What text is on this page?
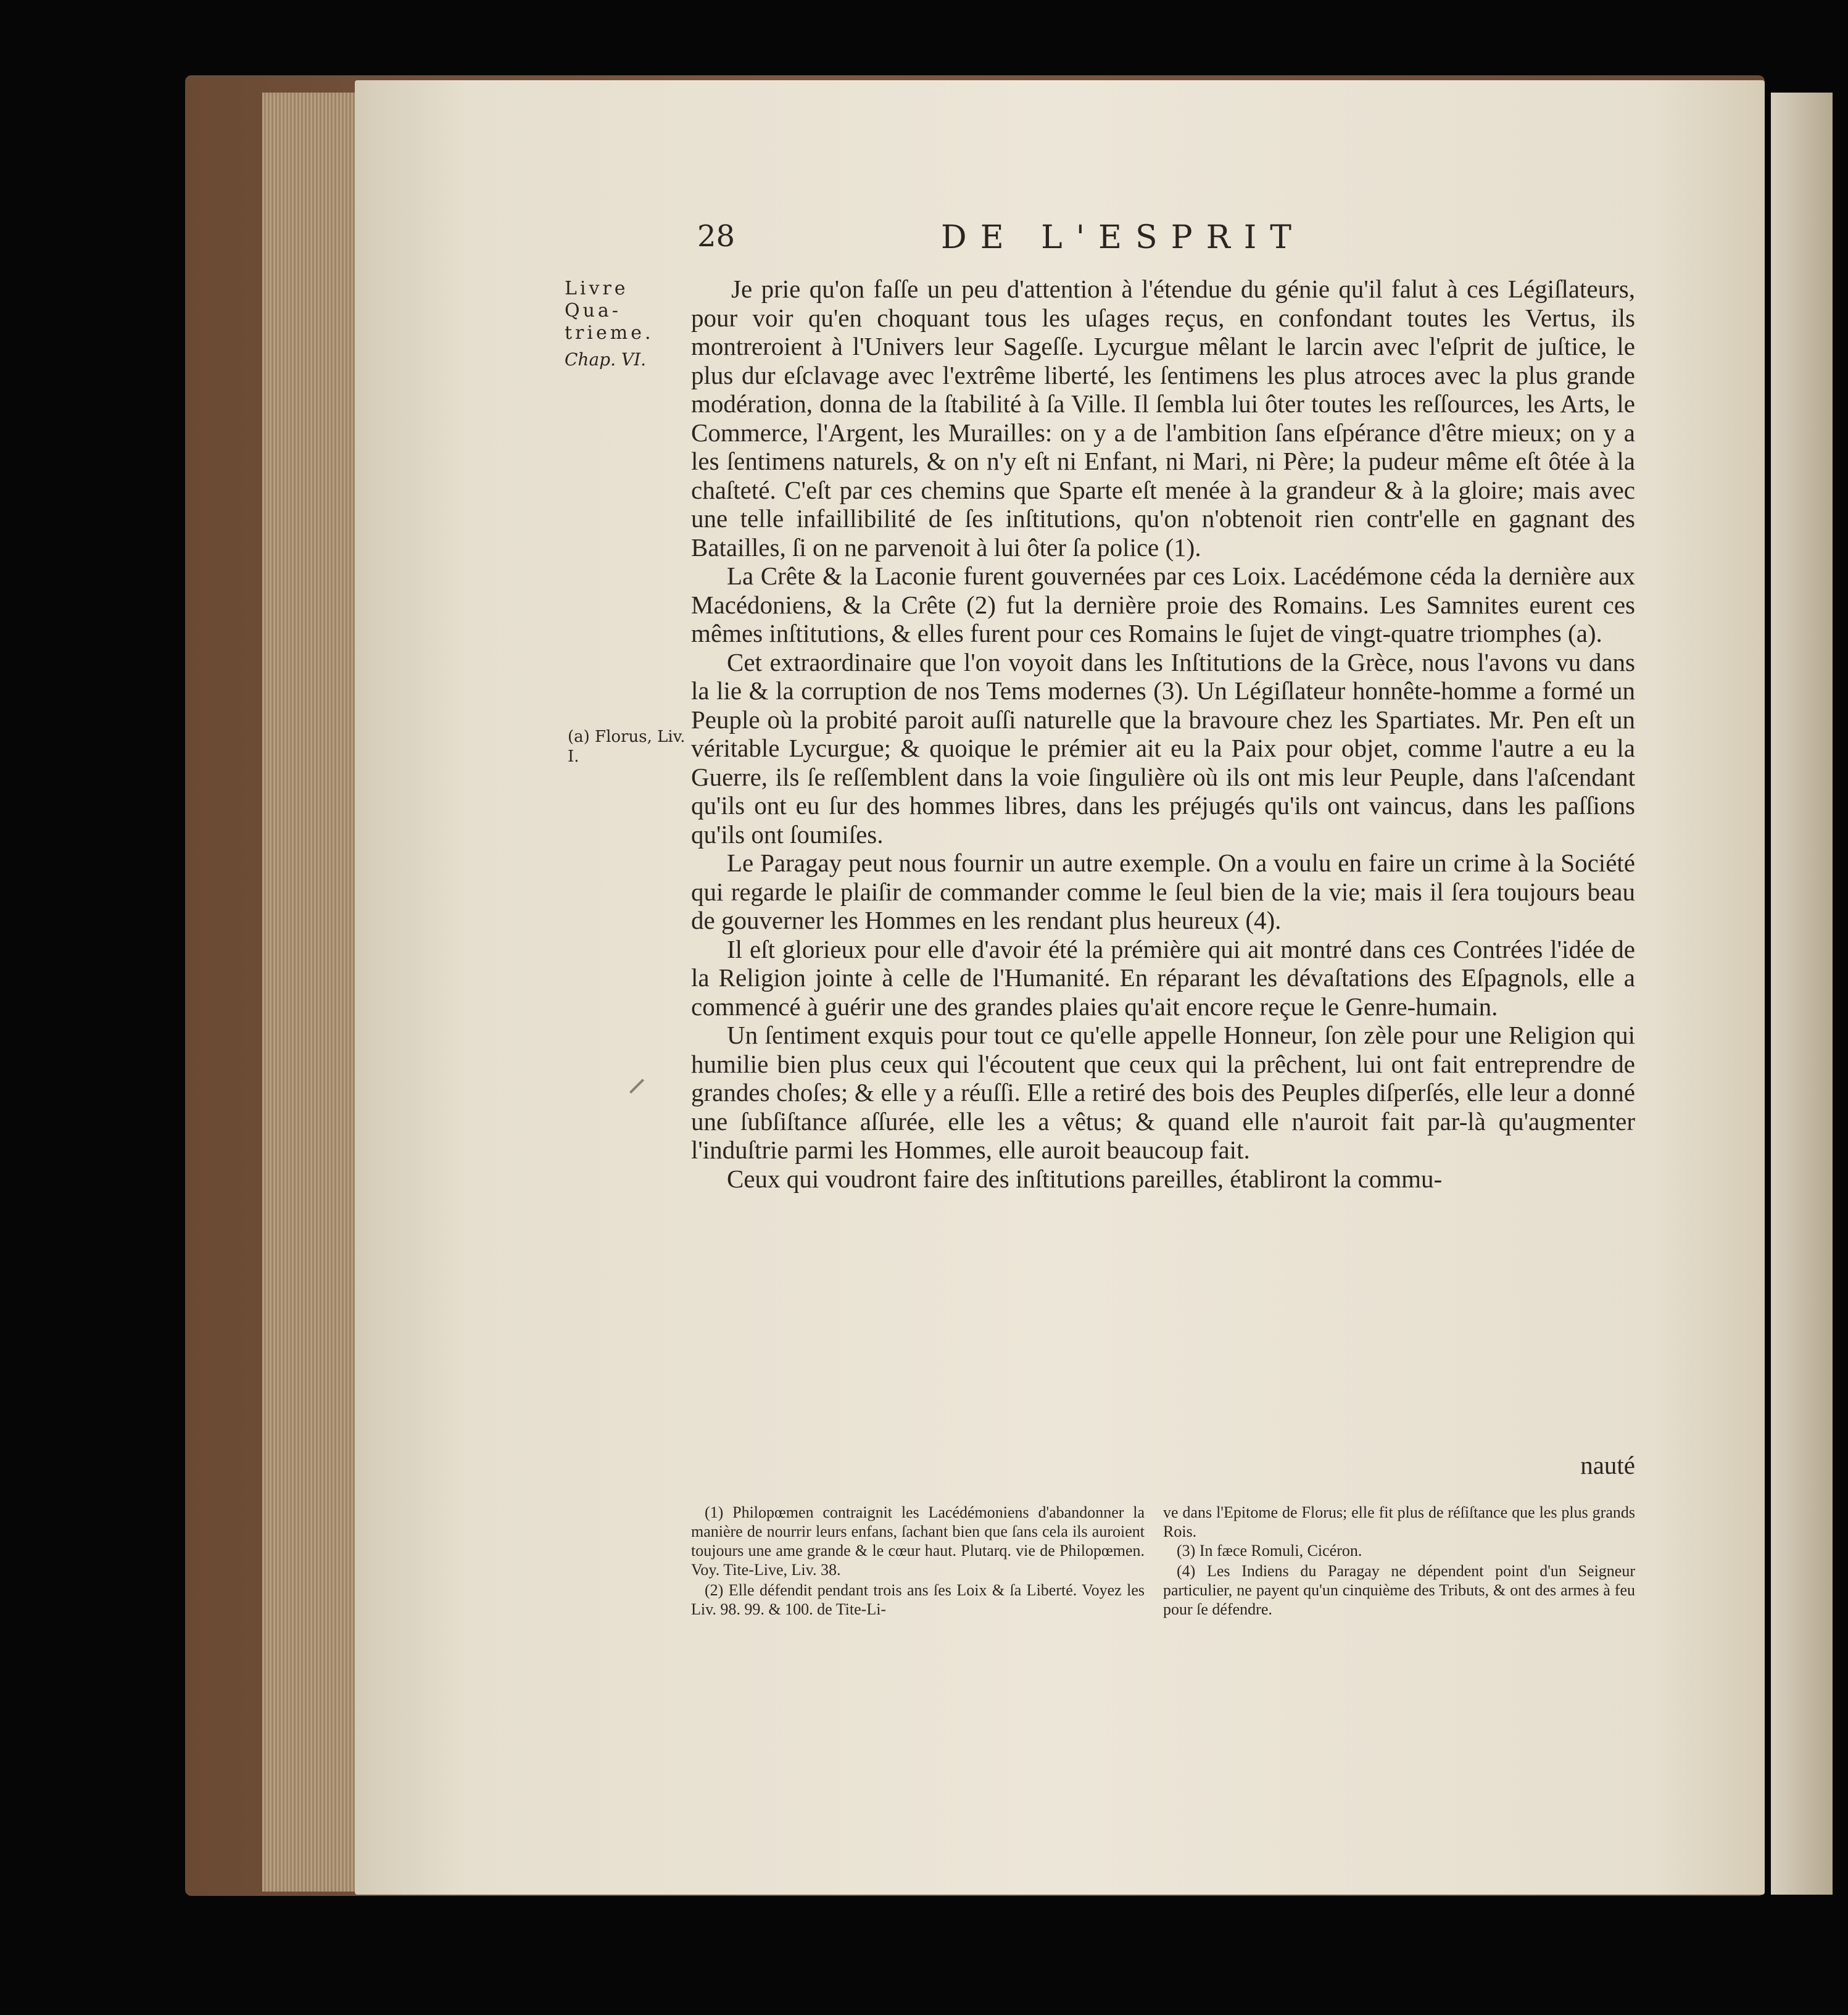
28	DE L'ESPRIT

Livre

Qua-

trieme.

Chap. VI.

(a) Florus, Liv. I.

Je prie qu'on faſſe un peu d'attention à l'étendue du génie qu'il falut à ces Légiſlateurs, pour voir qu'en choquant tous les uſages reçus, en confondant toutes les Vertus, ils montreroient à l'Univers leur Sageſſe. Lycurgue mêlant le larcin avec l'eſprit de juſtice, le plus dur eſclavage avec l'extrême liberté, les ſentimens les plus atroces avec la plus grande modération, donna de la ſtabilité à ſa Ville. Il ſembla lui ôter toutes les reſſources, les Arts, le Commerce, l'Argent, les Murailles: on y a de l'ambition ſans eſpérance d'être mieux; on y a les ſentimens naturels, & on n'y eſt ni Enfant, ni Mari, ni Père; la pudeur même eſt ôtée à la chaſteté. C'eſt par ces chemins que Sparte eſt menée à la grandeur & à la gloire; mais avec une telle infaillibilité de ſes inſtitutions, qu'on n'obtenoit rien contr'elle en gagnant des Batailles, ſi on ne parvenoit à lui ôter ſa police (1).

La Crête & la Laconie furent gouvernées par ces Loix. Lacédémone céda la dernière aux Macédoniens, & la Crête (2) fut la dernière proie des Romains. Les Samnites eurent ces mêmes inſtitutions, & elles furent pour ces Romains le ſujet de vingt-quatre triomphes (a).

Cet extraordinaire que l'on voyoit dans les Inſtitutions de la Grèce, nous l'avons vu dans la lie & la corruption de nos Tems modernes (3). Un Légiſlateur honnête-homme a formé un Peuple où la probité paroit auſſi naturelle que la bravoure chez les Spartiates. Mr. Pen eſt un véritable Lycurgue; & quoique le prémier ait eu la Paix pour objet, comme l'autre a eu la Guerre, ils ſe reſſemblent dans la voie ſingulière où ils ont mis leur Peuple, dans l'aſcendant qu'ils ont eu ſur des hommes libres, dans les préjugés qu'ils ont vaincus, dans les paſſions qu'ils ont ſoumiſes.

Le Paragay peut nous fournir un autre exemple. On a voulu en faire un crime à la Société qui regarde le plaiſir de commander comme le ſeul bien de la vie; mais il ſera toujours beau de gouverner les Hommes en les rendant plus heureux (4).

Il eſt glorieux pour elle d'avoir été la prémière qui ait montré dans ces Contrées l'idée de la Religion jointe à celle de l'Humanité. En réparant les dévaſtations des Eſpagnols, elle a commencé à guérir une des grandes plaies qu'ait encore reçue le Genre-humain.

Un ſentiment exquis pour tout ce qu'elle appelle Honneur, ſon zèle pour une Religion qui humilie bien plus ceux qui l'écoutent que ceux qui la prêchent, lui ont fait entreprendre de grandes choſes; & elle y a réuſſi. Elle a retiré des bois des Peuples diſperſés, elle leur a donné une ſubſiſtance aſſurée, elle les a vêtus; & quand elle n'auroit fait par-là qu'augmenter l'induſtrie parmi les Hommes, elle auroit beaucoup fait.

Ceux qui voudront faire des inſtitutions pareilles, établiront la commu-

nauté

(1) Philopœmen contraignit les Lacédémoniens d'abandonner la manière de nourrir leurs enfans, ſachant bien que ſans cela ils auroient toujours une ame grande & le cœur haut. Plutarq. vie de Philopœmen. Voy. Tite-Live, Liv. 38.

(2) Elle défendit pendant trois ans ſes Loix & ſa Liberté. Voyez les Liv. 98. 99. & 100. de Tite-Li-

ve dans l'Epitome de Florus; elle fit plus de réſiſtance que les plus grands Rois.

(3) In fæce Romuli, Cicéron.

(4) Les Indiens du Paragay ne dépendent point d'un Seigneur particulier, ne payent qu'un cinquième des Tributs, & ont des armes à feu pour ſe défendre.
